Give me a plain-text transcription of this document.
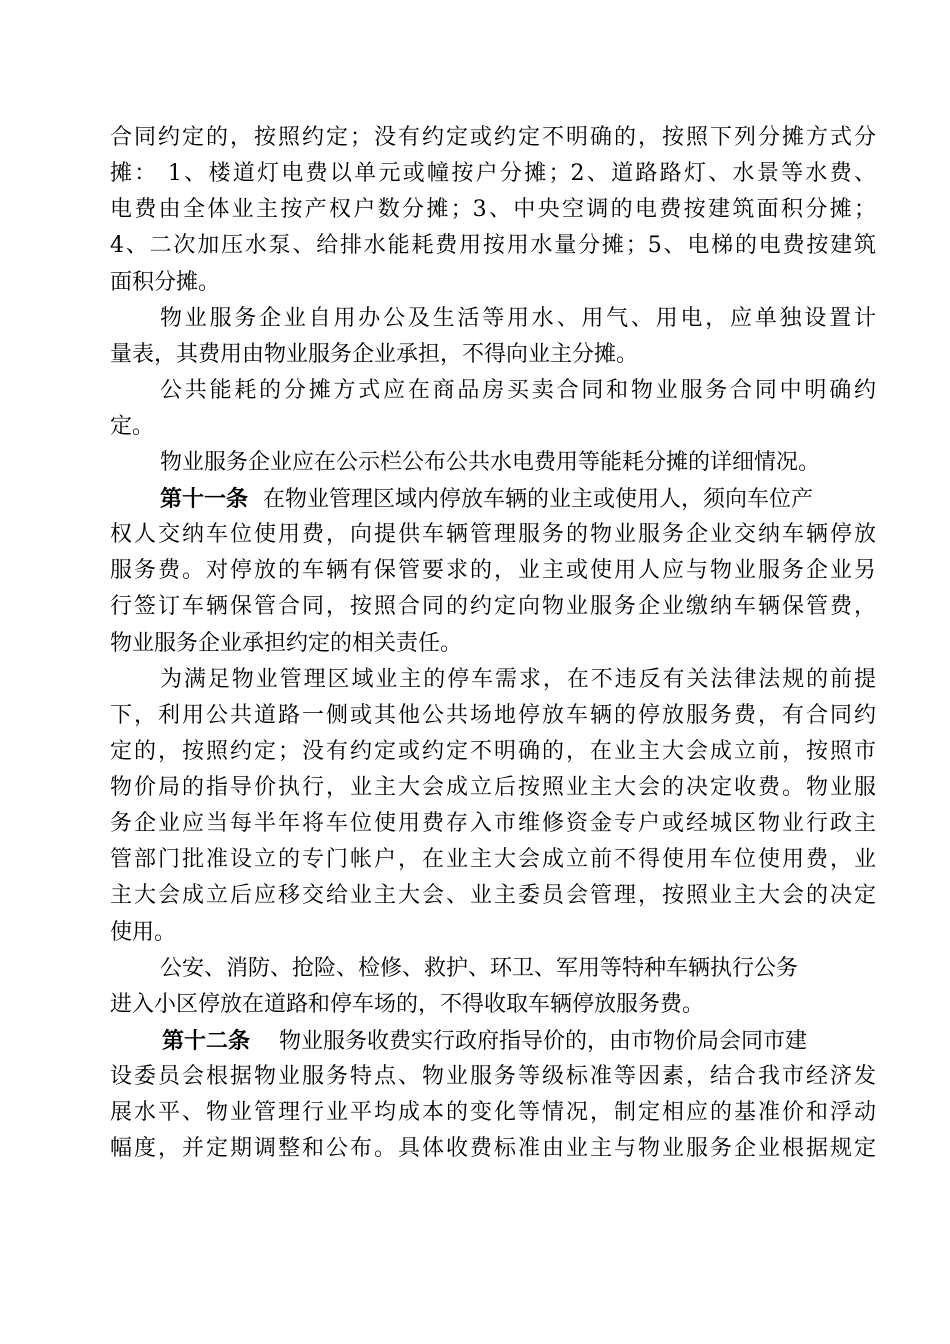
合同约定的，按照约定；没有约定或约定不明确的，按照下列分摊方式分
摊： 1、楼道灯电费以单元或幢按户分摊；2、道路路灯、水景等水费、
电费由全体业主按产权户数分摊；3、中央空调的电费按建筑面积分摊；
4、二次加压水泵、给排水能耗费用按用水量分摊；5、电梯的电费按建筑
面积分摊。
物业服务企业自用办公及生活等用水、用气、用电，应单独设置计
量表，其费用由物业服务企业承担，不得向业主分摊。
公共能耗的分摊方式应在商品房买卖合同和物业服务合同中明确约
定。
物业服务企业应在公示栏公布公共水电费用等能耗分摊的详细情况。
第十一条 在物业管理区域内停放车辆的业主或使用人，须向车位产
权人交纳车位使用费，向提供车辆管理服务的物业服务企业交纳车辆停放
服务费。对停放的车辆有保管要求的，业主或使用人应与物业服务企业另
行签订车辆保管合同，按照合同的约定向物业服务企业缴纳车辆保管费，
物业服务企业承担约定的相关责任。
为满足物业管理区域业主的停车需求，在不违反有关法律法规的前提
下，利用公共道路一侧或其他公共场地停放车辆的停放服务费，有合同约
定的，按照约定；没有约定或约定不明确的，在业主大会成立前，按照市
物价局的指导价执行，业主大会成立后按照业主大会的决定收费。物业服
务企业应当每半年将车位使用费存入市维修资金专户或经城区物业行政主
管部门批准设立的专门帐户，在业主大会成立前不得使用车位使用费，业
主大会成立后应移交给业主大会、业主委员会管理，按照业主大会的决定
使用。
公安、消防、抢险、检修、救护、环卫、军用等特种车辆执行公务
进入小区停放在道路和停车场的，不得收取车辆停放服务费。
第十二条 物业服务收费实行政府指导价的，由市物价局会同市建
设委员会根据物业服务特点、物业服务等级标准等因素，结合我市经济发
展水平、物业管理行业平均成本的变化等情况，制定相应的基准价和浮动
幅度，并定期调整和公布。具体收费标准由业主与物业服务企业根据规定
